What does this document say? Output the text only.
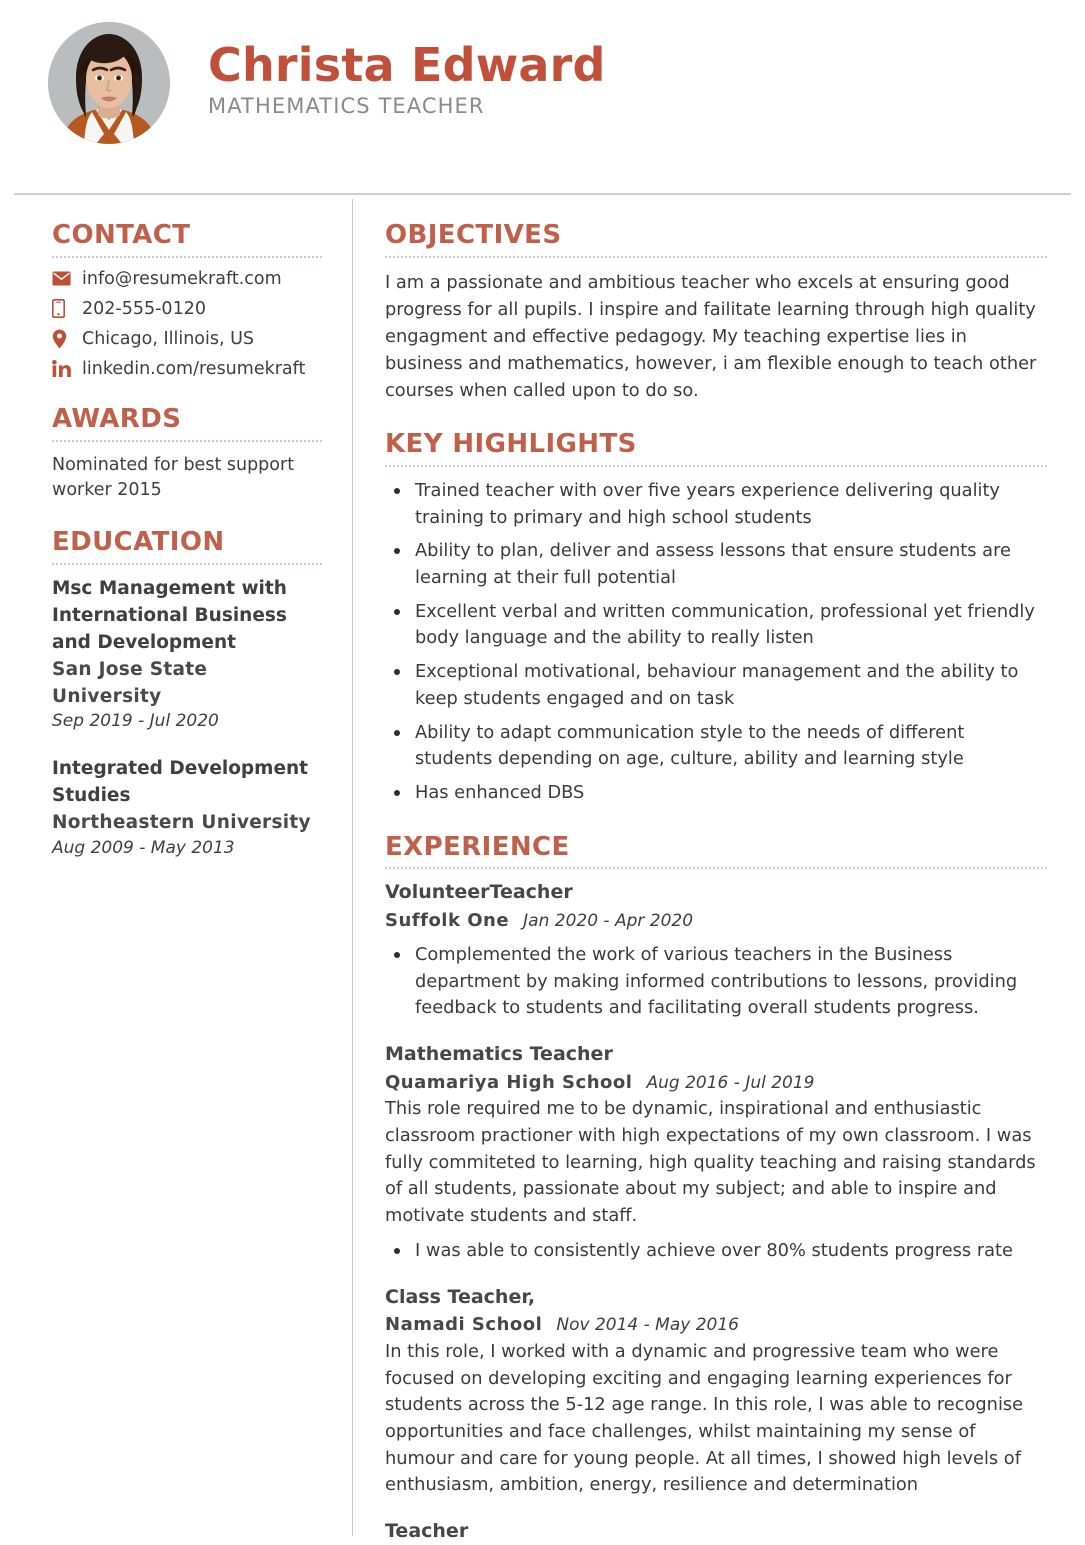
Christa Edward
MATHEMATICS TEACHER
CONTACT
info@resumekraft.com
202-555-0120
Chicago, Illinois, US
linkedin.com/resumekraft
AWARDS

Nominated for best support worker 2015

EDUCATION
Msc Management with International Business and Development
San Jose State University
Sep 2019 - Jul 2020
Integrated Development Studies
Northeastern University
Aug 2009 - May 2013
OBJECTIVES

I am a passionate and ambitious teacher who excels at ensuring good progress for all pupils. I inspire and failitate learning through high quality engagment and effective pedagogy. My teaching expertise lies in business and mathematics, however, i am flexible enough to teach other courses when called upon to do so.

KEY HIGHLIGHTS
Trained teacher with over five years experience delivering quality training to primary and high school students
Ability to plan, deliver and assess lessons that ensure students are learning at their full potential
Excellent verbal and written communication, professional yet friendly body language and the ability to really listen
Exceptional motivational, behaviour management and the ability to keep students engaged and on task
Ability to adapt communication style to the needs of different students depending on age, culture, ability and learning style
Has enhanced DBS
EXPERIENCE
VolunteerTeacher
Suffolk One Jan 2020 - Apr 2020
Complemented the work of various teachers in the Business department by making informed contributions to lessons, providing feedback to students and facilitating overall students progress.
Mathematics Teacher
Quamariya High School Aug 2016 - Jul 2019

This role required me to be dynamic, inspirational and enthusiastic classroom practioner with high expectations of my own classroom. I was fully commiteted to learning, high quality teaching and raising standards of all students, passionate about my subject; and able to inspire and motivate students and staff.

I was able to consistently achieve over 80% students progress rate
Class Teacher,
Namadi School Nov 2014 - May 2016

In this role, I worked with a dynamic and progressive team who were focused on developing exciting and engaging learning experiences for students across the 5-12 age range. In this role, I was able to recognise opportunities and face challenges, whilst maintaining my sense of humour and care for young people. At all times, I showed high levels of enthusiasm, ambition, energy, resilience and determination

Teacher
